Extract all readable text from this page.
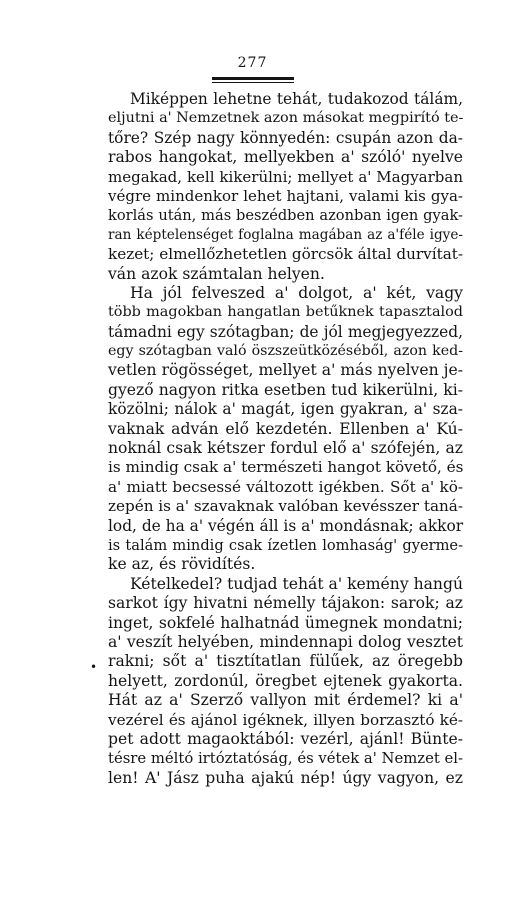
277
•
Miképpen lehetne tehát, tudakozod tálám,
eljutni a' Nemzetnek azon másokat megpirító te-
tőre? Szép nagy könnyedén: csupán azon da-
rabos hangokat, mellyekben a' szóló' nyelve
megakad, kell kikerülni; mellyet a' Magyarban
végre mindenkor lehet hajtani, valami kis gya-
korlás után, más beszédben azonban igen gyak-
ran képtelenséget foglalna magában az a'féle igye-
kezet; elmellőzhetetlen görcsök által durvítat-
ván azok számtalan helyen.
Ha jól felveszed a' dolgot, a' két, vagy
több magokban hangatlan betűknek tapasztalod
támadni egy szótagban; de jól megjegyezzed,
egy szótagban való öszszeütközéséből, azon ked-
vetlen rögösséget, mellyet a' más nyelven je-
gyező nagyon ritka esetben tud kikerülni, ki-
közölni; nálok a' magát, igen gyakran, a' sza-
vaknak adván elő kezdetén. Ellenben a' Kú-
noknál csak kétszer fordul elő a' szófején, az
is mindig csak a' természeti hangot követő, és
a' miatt becsessé változott igékben. Sőt a' kö-
zepén is a' szavaknak valóban kevésszer taná-
lod, de ha a' végén áll is a' mondásnak; akkor
is talám mindig csak ízetlen lomhaság' gyerme-
ke az, és rövidítés.
Kételkedel? tudjad tehát a' kemény hangú
sarkot így hivatni némelly tájakon: sarok; az
inget, sokfelé halhatnád ümegnek mondatni;
a' veszít helyében, mindennapi dolog vesztet
rakni; sőt a' tisztítatlan fülűek, az öregebb
helyett, zordonúl, öregbet ejtenek gyakorta.
Hát az a' Szerző vallyon mit érdemel? ki a'
vezérel és ajánol igéknek, illyen borzasztó ké-
pet adott magaoktából: vezérl, ajánl! Bünte-
tésre méltó irtóztatóság, és vétek a' Nemzet el-
len! A' Jász puha ajakú nép! úgy vagyon, ez
